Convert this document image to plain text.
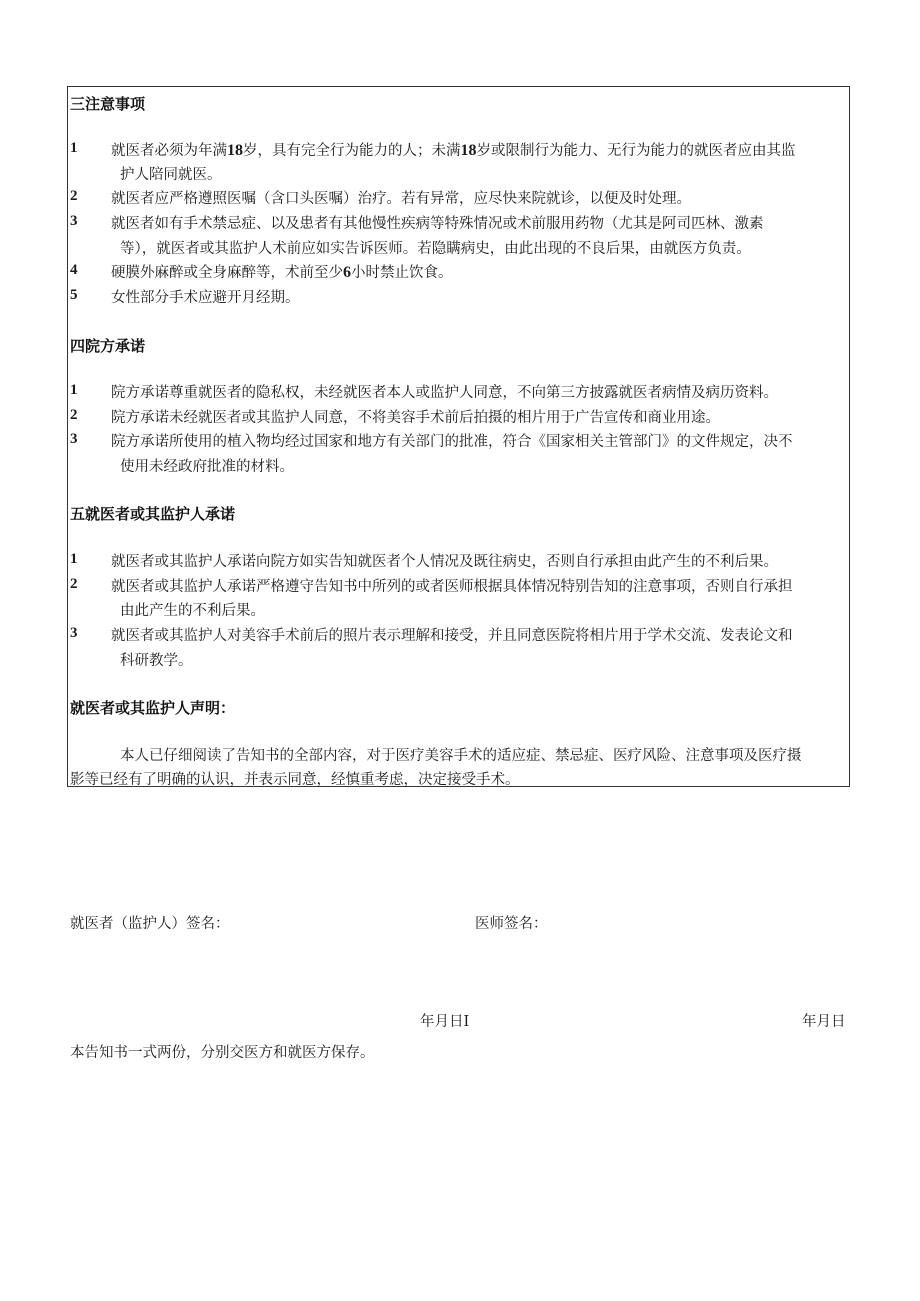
三注意事项
1 就医者必须为年满18岁，具有完全行为能力的人；未满18岁或限制行为能力、无行为能力的就医者应由其监
护人陪同就医。
2 就医者应严格遵照医嘱（含口头医嘱）治疗。若有异常，应尽快来院就诊，以便及时处理。
3 就医者如有手术禁忌症、以及患者有其他慢性疾病等特殊情况或术前服用药物（尤其是阿司匹林、激素
等），就医者或其监护人术前应如实告诉医师。若隐瞒病史，由此出现的不良后果，由就医方负责。
4 硬膜外麻醉或全身麻醉等，术前至少6小时禁止饮食。
5 女性部分手术应避开月经期。
四院方承诺
1 院方承诺尊重就医者的隐私权，未经就医者本人或监护人同意，不向第三方披露就医者病情及病历资料。
2 院方承诺未经就医者或其监护人同意，不将美容手术前后拍摄的相片用于广告宣传和商业用途。
3 院方承诺所使用的植入物均经过国家和地方有关部门的批准，符合《国家相关主管部门》的文件规定，决不
使用未经政府批准的材料。
五就医者或其监护人承诺
1 就医者或其监护人承诺向院方如实告知就医者个人情况及既往病史，否则自行承担由此产生的不利后果。
2 就医者或其监护人承诺严格遵守告知书中所列的或者医师根据具体情况特别告知的注意事项，否则自行承担
由此产生的不利后果。
3 就医者或其监护人对美容手术前后的照片表示理解和接受，并且同意医院将相片用于学术交流、发表论文和
科研教学。
就医者或其监护人声明：
本人已仔细阅读了告知书的全部内容，对于医疗美容手术的适应症、禁忌症、医疗风险、注意事项及医疗摄
影等已经有了明确的认识，并表示同意，经慎重考虑，决定接受手术。
就医者（监护人）签名：	医师签名：
年月日I	年月日
本告知书一式两份，分别交医方和就医方保存。
